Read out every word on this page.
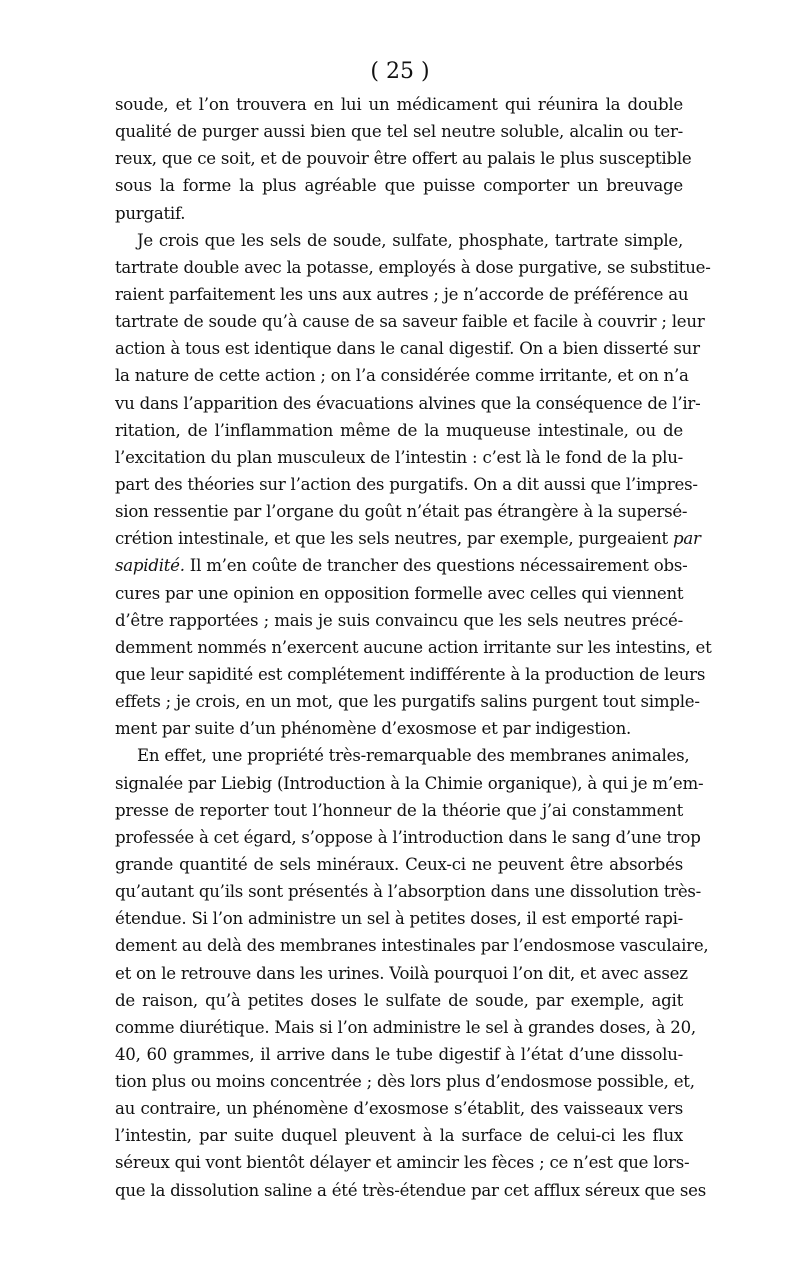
( 25 )
soude, et l’on trouvera en lui un médicament qui réunira la double
qualité de purger aussi bien que tel sel neutre soluble, alcalin ou ter-
reux, que ce soit, et de pouvoir être offert au palais le plus susceptible
sous la forme la plus agréable que puisse comporter un breuvage
purgatif.
Je crois que les sels de soude, sulfate, phosphate, tartrate simple,
tartrate double avec la potasse, employés à dose purgative, se substitue-
raient parfaitement les uns aux autres ; je n’accorde de préférence au
tartrate de soude qu’à cause de sa saveur faible et facile à couvrir ; leur
action à tous est identique dans le canal digestif. On a bien disserté sur
la nature de cette action ; on l’a considérée comme irritante, et on n’a
vu dans l’apparition des évacuations alvines que la conséquence de l’ir-
ritation, de l’inflammation même de la muqueuse intestinale, ou de
l’excitation du plan musculeux de l’intestin : c’est là le fond de la plu-
part des théories sur l’action des purgatifs. On a dit aussi que l’impres-
sion ressentie par l’organe du goût n’était pas étrangère à la supersé-
crétion intestinale, et que les sels neutres, par exemple, purgeaient par
sapidité. Il m’en coûte de trancher des questions nécessairement obs-
cures par une opinion en opposition formelle avec celles qui viennent
d’être rapportées ; mais je suis convaincu que les sels neutres précé-
demment nommés n’exercent aucune action irritante sur les intestins, et
que leur sapidité est complétement indifférente à la production de leurs
effets ; je crois, en un mot, que les purgatifs salins purgent tout simple-
ment par suite d’un phénomène d’exosmose et par indigestion.
En effet, une propriété très-remarquable des membranes animales,
signalée par Liebig (Introduction à la Chimie organique), à qui je m’em-
presse de reporter tout l’honneur de la théorie que j’ai constamment
professée à cet égard, s’oppose à l’introduction dans le sang d’une trop
grande quantité de sels minéraux. Ceux-ci ne peuvent être absorbés
qu’autant qu’ils sont présentés à l’absorption dans une dissolution très-
étendue. Si l’on administre un sel à petites doses, il est emporté rapi-
dement au delà des membranes intestinales par l’endosmose vasculaire,
et on le retrouve dans les urines. Voilà pourquoi l’on dit, et avec assez
de raison, qu’à petites doses le sulfate de soude, par exemple, agit
comme diurétique. Mais si l’on administre le sel à grandes doses, à 20,
40, 60 grammes, il arrive dans le tube digestif à l’état d’une dissolu-
tion plus ou moins concentrée ; dès lors plus d’endosmose possible, et,
au contraire, un phénomène d’exosmose s’établit, des vaisseaux vers
l’intestin, par suite duquel pleuvent à la surface de celui-ci les flux
séreux qui vont bientôt délayer et amincir les fèces ; ce n’est que lors-
que la dissolution saline a été très-étendue par cet afflux séreux que ses
